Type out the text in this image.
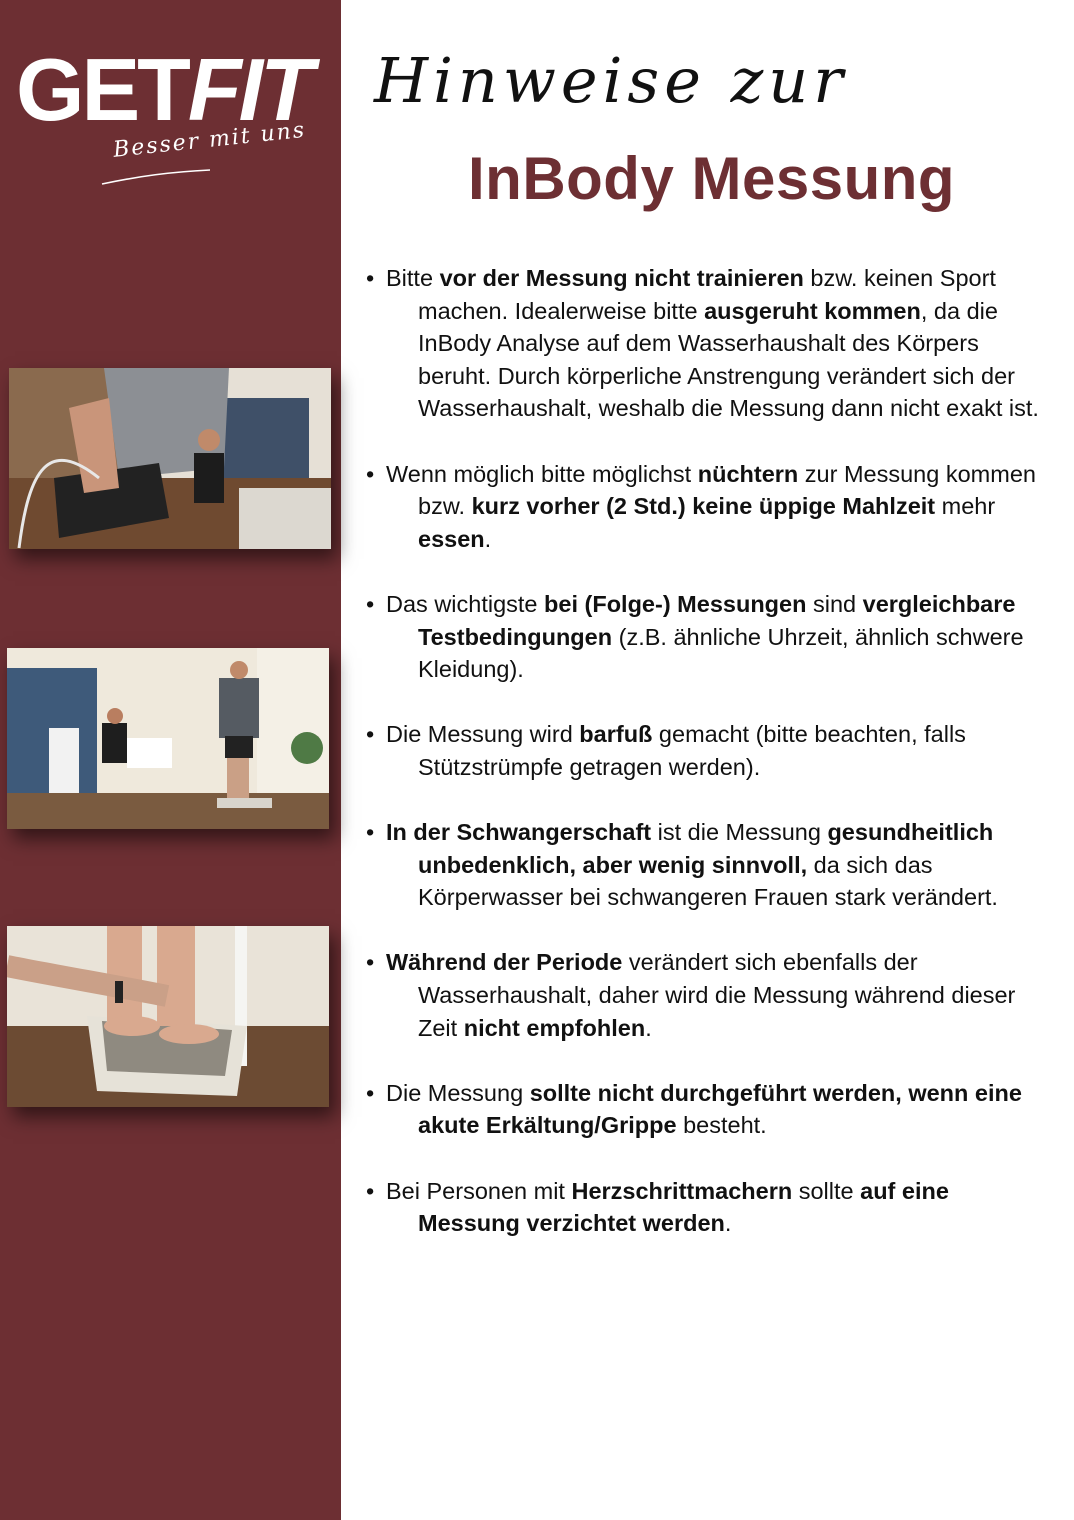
GETFIT
Besser mit uns
Hinweise zur
InBody Messung
• Bitte vor der Messung nicht trainieren bzw. keinen Sport machen. Idealerweise bitte ausgeruht kommen, da die InBody Analyse auf dem Wasserhaushalt des Körpers beruht. Durch körperliche Anstrengung verändert sich der Wasserhaushalt, weshalb die Messung dann nicht exakt ist.
• Wenn möglich bitte möglichst nüchtern zur Messung kommen bzw. kurz vorher (2 Std.) keine üppige Mahlzeit mehr essen.
• Das wichtigste bei (Folge-) Messungen sind vergleichbare Testbedingungen (z.B. ähnliche Uhrzeit, ähnlich schwere Kleidung).
• Die Messung wird barfuß gemacht (bitte beachten, falls Stützstrümpfe getragen werden).
• In der Schwangerschaft ist die Messung gesundheitlich unbedenklich, aber wenig sinnvoll, da sich das Körperwasser bei schwangeren Frauen stark verändert.
• Während der Periode verändert sich ebenfalls der Wasserhaushalt, daher wird die Messung während dieser Zeit nicht empfohlen.
• Die Messung sollte nicht durchgeführt werden, wenn eine akute Erkältung/Grippe besteht.
• Bei Personen mit Herzschrittmachern sollte auf eine Messung verzichtet werden.
